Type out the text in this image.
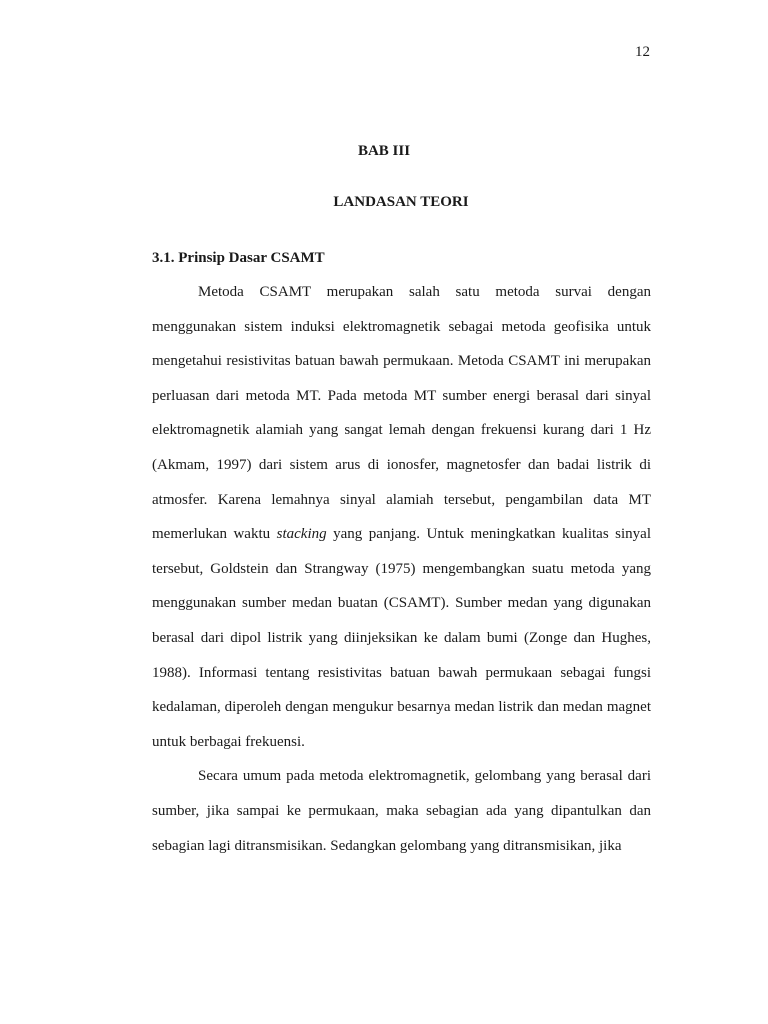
12
BAB III
LANDASAN TEORI
3.1. Prinsip Dasar CSAMT

Metoda CSAMT merupakan salah satu metoda survai dengan menggunakan sistem induksi elektromagnetik sebagai metoda geofisika untuk mengetahui resistivitas batuan bawah permukaan. Metoda CSAMT ini merupakan perluasan dari metoda MT. Pada metoda MT sumber energi berasal dari sinyal elektromagnetik alamiah yang sangat lemah dengan frekuensi kurang dari 1 Hz (Akmam, 1997) dari sistem arus di ionosfer, magnetosfer dan badai listrik di atmosfer. Karena lemahnya sinyal alamiah tersebut, pengambilan data MT memerlukan waktu stacking yang panjang. Untuk meningkatkan kualitas sinyal tersebut, Goldstein dan Strangway (1975) mengembangkan suatu metoda yang menggunakan sumber medan buatan (CSAMT). Sumber medan yang digunakan berasal dari dipol listrik yang diinjeksikan ke dalam bumi (Zonge dan Hughes, 1988). Informasi tentang resistivitas batuan bawah permukaan sebagai fungsi kedalaman, diperoleh dengan mengukur besarnya medan listrik dan medan magnet untuk berbagai frekuensi.

Secara umum pada metoda elektromagnetik, gelombang yang berasal dari sumber, jika sampai ke permukaan, maka sebagian ada yang dipantulkan dan sebagian lagi ditransmisikan. Sedangkan gelombang yang ditransmisikan, jika
